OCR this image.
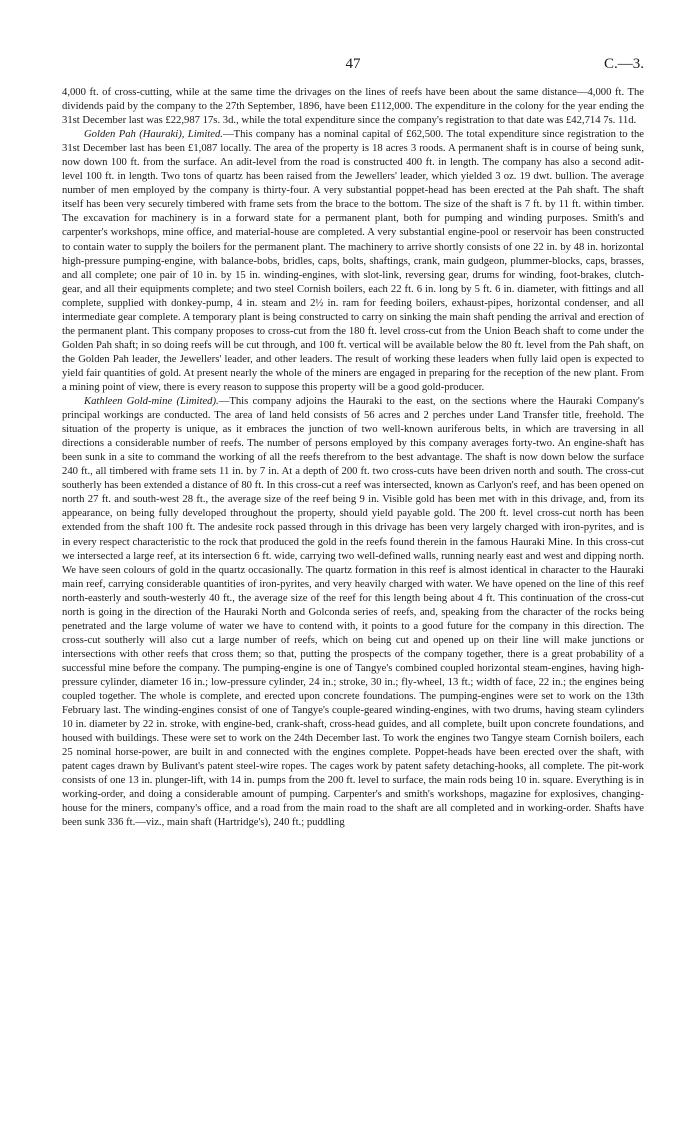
47	C.—3.

4,000 ft. of cross-cutting, while at the same time the drivages on the lines of reefs have been about the same distance—4,000 ft. The dividends paid by the company to the 27th September, 1896, have been £112,000. The expenditure in the colony for the year ending the 31st December last was £22,987 17s. 3d., while the total expenditure since the company's registration to that date was £42,714 7s. 11d.

Golden Pah (Hauraki), Limited.—This company has a nominal capital of £62,500. The total expenditure since registration to the 31st December last has been £1,087 locally. The area of the property is 18 acres 3 roods. A permanent shaft is in course of being sunk, now down 100 ft. from the surface. An adit-level from the road is constructed 400 ft. in length. The company has also a second adit-level 100 ft. in length. Two tons of quartz has been raised from the Jewellers' leader, which yielded 3 oz. 19 dwt. bullion. The average number of men employed by the company is thirty-four. A very substantial poppet-head has been erected at the Pah shaft. The shaft itself has been very securely timbered with frame sets from the brace to the bottom. The size of the shaft is 7 ft. by 11 ft. within timber. The excavation for machinery is in a forward state for a permanent plant, both for pumping and winding purposes. Smith's and carpenter's workshops, mine office, and material-house are completed. A very substantial engine-pool or reservoir has been constructed to contain water to supply the boilers for the permanent plant. The machinery to arrive shortly consists of one 22 in. by 48 in. horizontal high-pressure pumping-engine, with balance-bobs, bridles, caps, bolts, shaftings, crank, main gudgeon, plummer-blocks, caps, brasses, and all complete; one pair of 10 in. by 15 in. winding-engines, with slot-link, reversing gear, drums for winding, foot-brakes, clutch-gear, and all their equipments complete; and two steel Cornish boilers, each 22 ft. 6 in. long by 5 ft. 6 in. diameter, with fittings and all complete, supplied with donkey-pump, 4 in. steam and 2½ in. ram for feeding boilers, exhaust-pipes, horizontal condenser, and all intermediate gear complete. A temporary plant is being constructed to carry on sinking the main shaft pending the arrival and erection of the permanent plant. This company proposes to cross-cut from the 180 ft. level cross-cut from the Union Beach shaft to come under the Golden Pah shaft; in so doing reefs will be cut through, and 100 ft. vertical will be available below the 80 ft. level from the Pah shaft, on the Golden Pah leader, the Jewellers' leader, and other leaders. The result of working these leaders when fully laid open is expected to yield fair quantities of gold. At present nearly the whole of the miners are engaged in preparing for the reception of the new plant. From a mining point of view, there is every reason to suppose this property will be a good gold-producer.

Kathleen Gold-mine (Limited).—This company adjoins the Hauraki to the east, on the sections where the Hauraki Company's principal workings are conducted. The area of land held consists of 56 acres and 2 perches under Land Transfer title, freehold. The situation of the property is unique, as it embraces the junction of two well-known auriferous belts, in which are traversing in all directions a considerable number of reefs. The number of persons employed by this company averages forty-two. An engine-shaft has been sunk in a site to command the working of all the reefs therefrom to the best advantage. The shaft is now down below the surface 240 ft., all timbered with frame sets 11 in. by 7 in. At a depth of 200 ft. two cross-cuts have been driven north and south. The cross-cut southerly has been extended a distance of 80 ft. In this cross-cut a reef was intersected, known as Carlyon's reef, and has been opened on north 27 ft. and south-west 28 ft., the average size of the reef being 9 in. Visible gold has been met with in this drivage, and, from its appearance, on being fully developed throughout the property, should yield payable gold. The 200 ft. level cross-cut north has been extended from the shaft 100 ft. The andesite rock passed through in this drivage has been very largely charged with iron-pyrites, and is in every respect characteristic to the rock that produced the gold in the reefs found therein in the famous Hauraki Mine. In this cross-cut we intersected a large reef, at its intersection 6 ft. wide, carrying two well-defined walls, running nearly east and west and dipping north. We have seen colours of gold in the quartz occasionally. The quartz formation in this reef is almost identical in character to the Hauraki main reef, carrying considerable quantities of iron-pyrites, and very heavily charged with water. We have opened on the line of this reef north-easterly and south-westerly 40 ft., the average size of the reef for this length being about 4 ft. This continuation of the cross-cut north is going in the direction of the Hauraki North and Golconda series of reefs, and, speaking from the character of the rocks being penetrated and the large volume of water we have to contend with, it points to a good future for the company in this direction. The cross-cut southerly will also cut a large number of reefs, which on being cut and opened up on their line will make junctions or intersections with other reefs that cross them; so that, putting the prospects of the company together, there is a great probability of a successful mine before the company. The pumping-engine is one of Tangye's combined coupled horizontal steam-engines, having high-pressure cylinder, diameter 16 in.; low-pressure cylinder, 24 in.; stroke, 30 in.; fly-wheel, 13 ft.; width of face, 22 in.; the engines being coupled together. The whole is complete, and erected upon concrete foundations. The pumping-engines were set to work on the 13th February last. The winding-engines consist of one of Tangye's couple-geared winding-engines, with two drums, having steam cylinders 10 in. diameter by 22 in. stroke, with engine-bed, crank-shaft, cross-head guides, and all complete, built upon concrete foundations, and housed with buildings. These were set to work on the 24th December last. To work the engines two Tangye steam Cornish boilers, each 25 nominal horse-power, are built in and connected with the engines complete. Poppet-heads have been erected over the shaft, with patent cages drawn by Bulivant's patent steel-wire ropes. The cages work by patent safety detaching-hooks, all complete. The pit-work consists of one 13 in. plunger-lift, with 14 in. pumps from the 200 ft. level to surface, the main rods being 10 in. square. Everything is in working-order, and doing a considerable amount of pumping. Carpenter's and smith's workshops, magazine for explosives, changing-house for the miners, company's office, and a road from the main road to the shaft are all completed and in working-order. Shafts have been sunk 336 ft.—viz., main shaft (Hartridge's), 240 ft.; puddling
